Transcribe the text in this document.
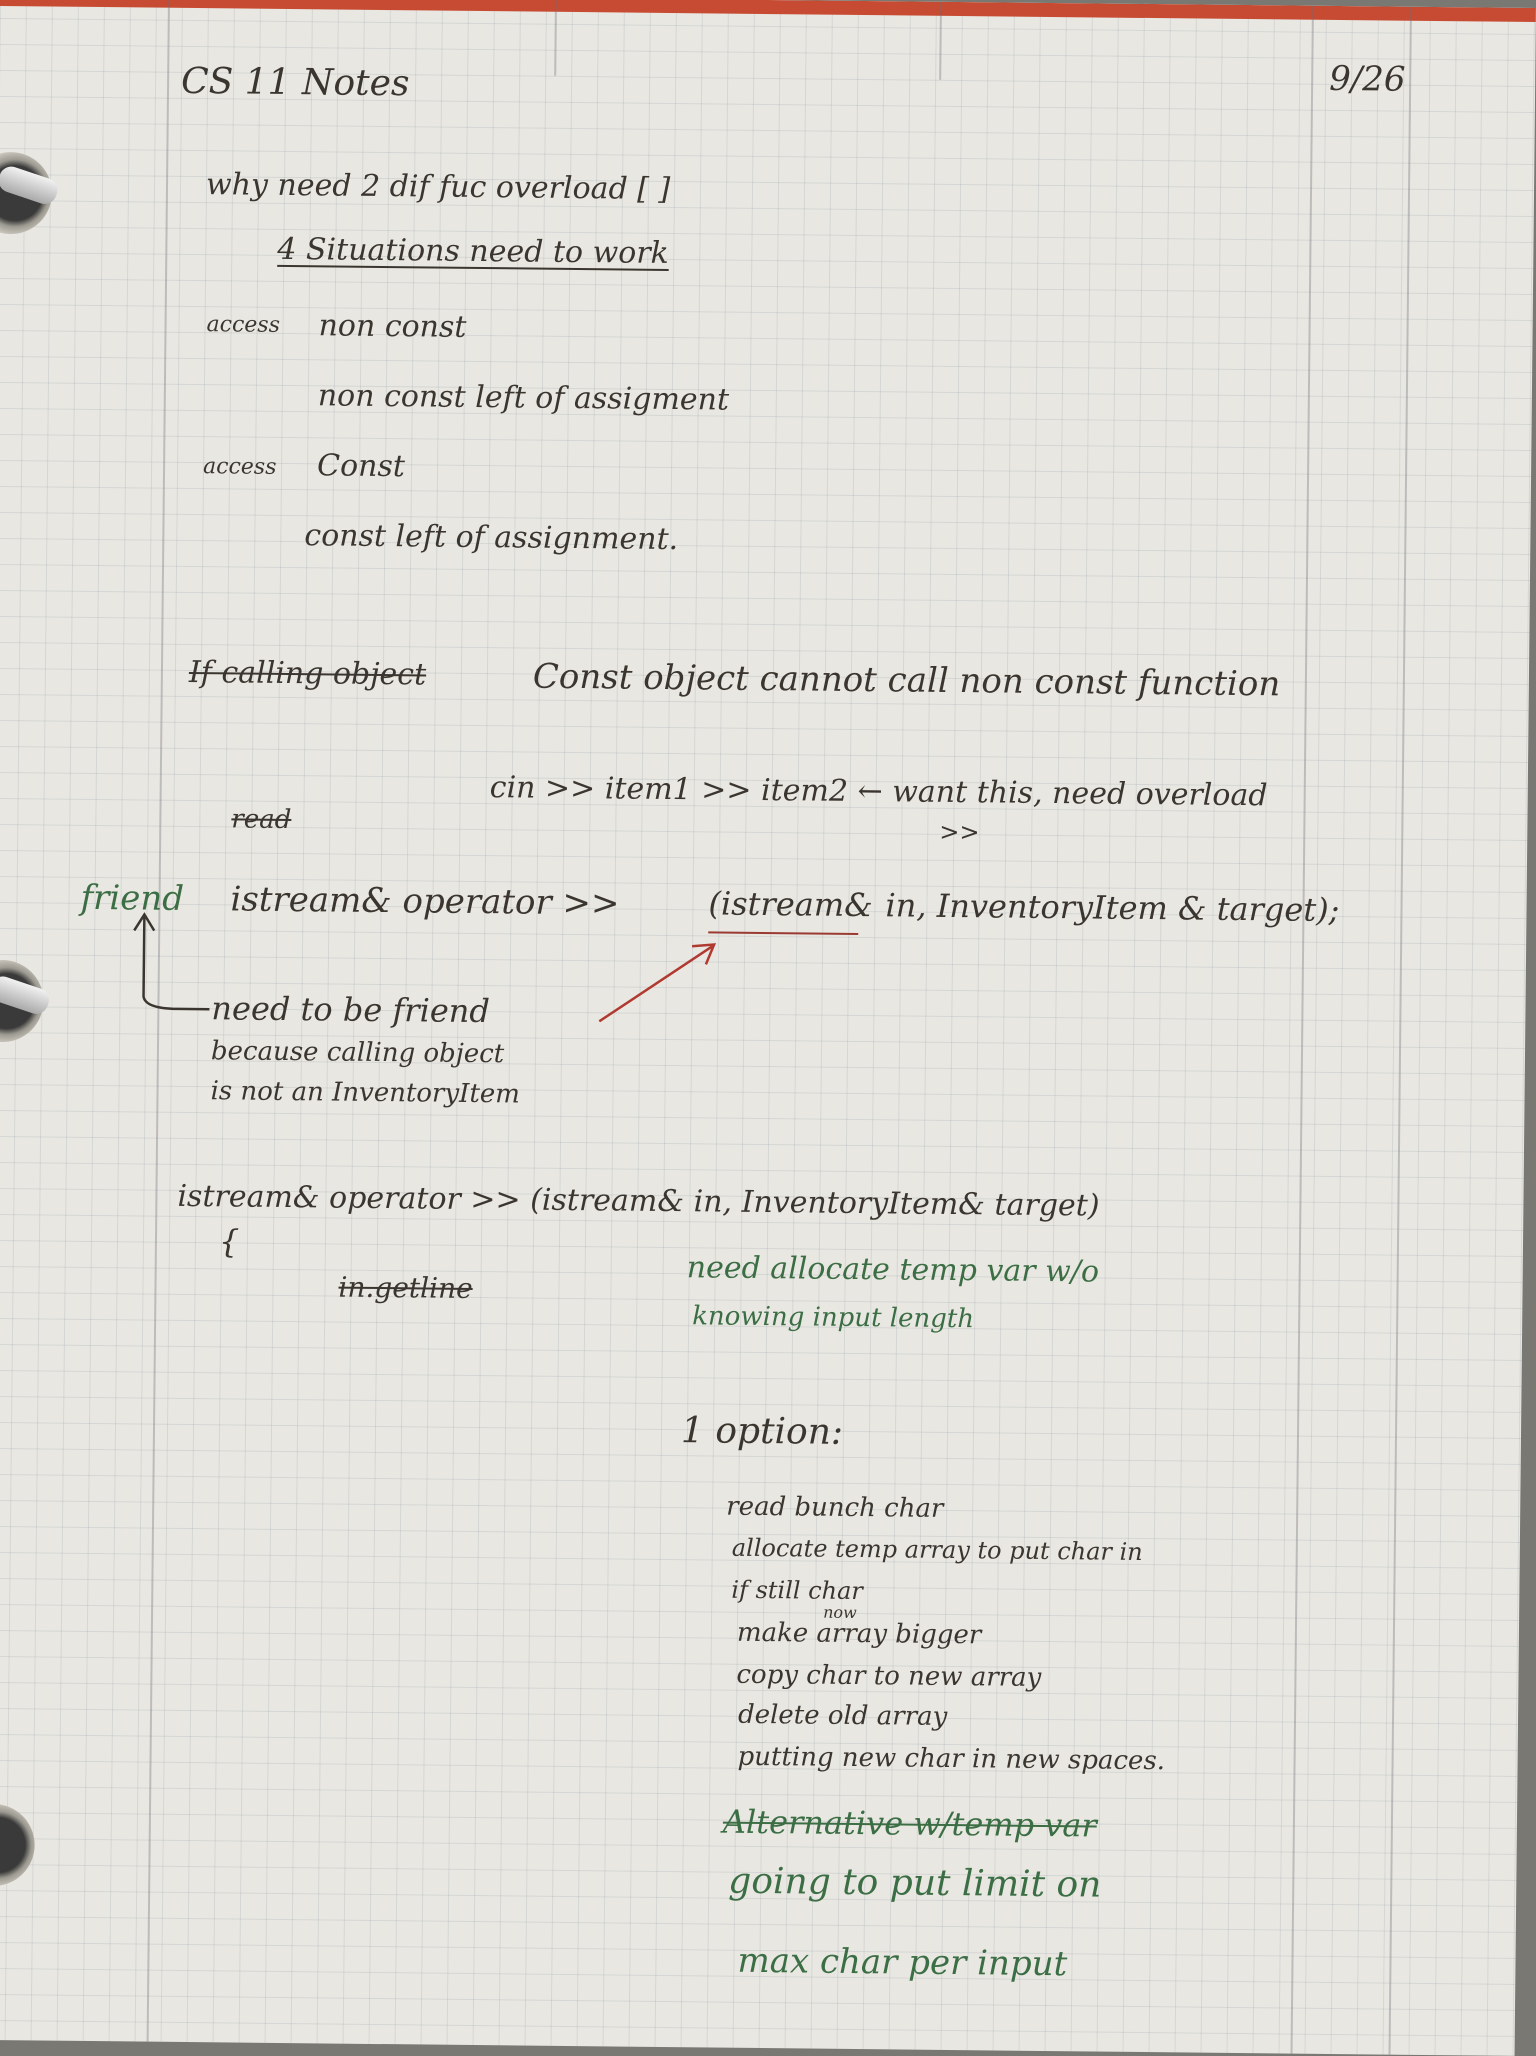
CS 11 Notes	9/26
why need 2 dif fuc overload [ ]
4 Situations need to work
access non const
non const left of assigment
access Const
const left of assignment.
If calling object	Const object cannot call non const function
cin >> item1 >> item2 ← want this, need overload
>>
read
friend istream& operator >>	(istream& in, InventoryItem & target);
need to be friend
because calling object
is not an InventoryItem
istream& operator >> (istream& in, InventoryItem& target)
{
in.getline	need allocate temp var w/o
knowing input length
1 option:
read bunch char
allocate temp array to put char in
if still char
now
make array bigger
copy char to new array
delete old array
putting new char in new spaces.
Alternative w/temp var
going to put limit on
max char per input
